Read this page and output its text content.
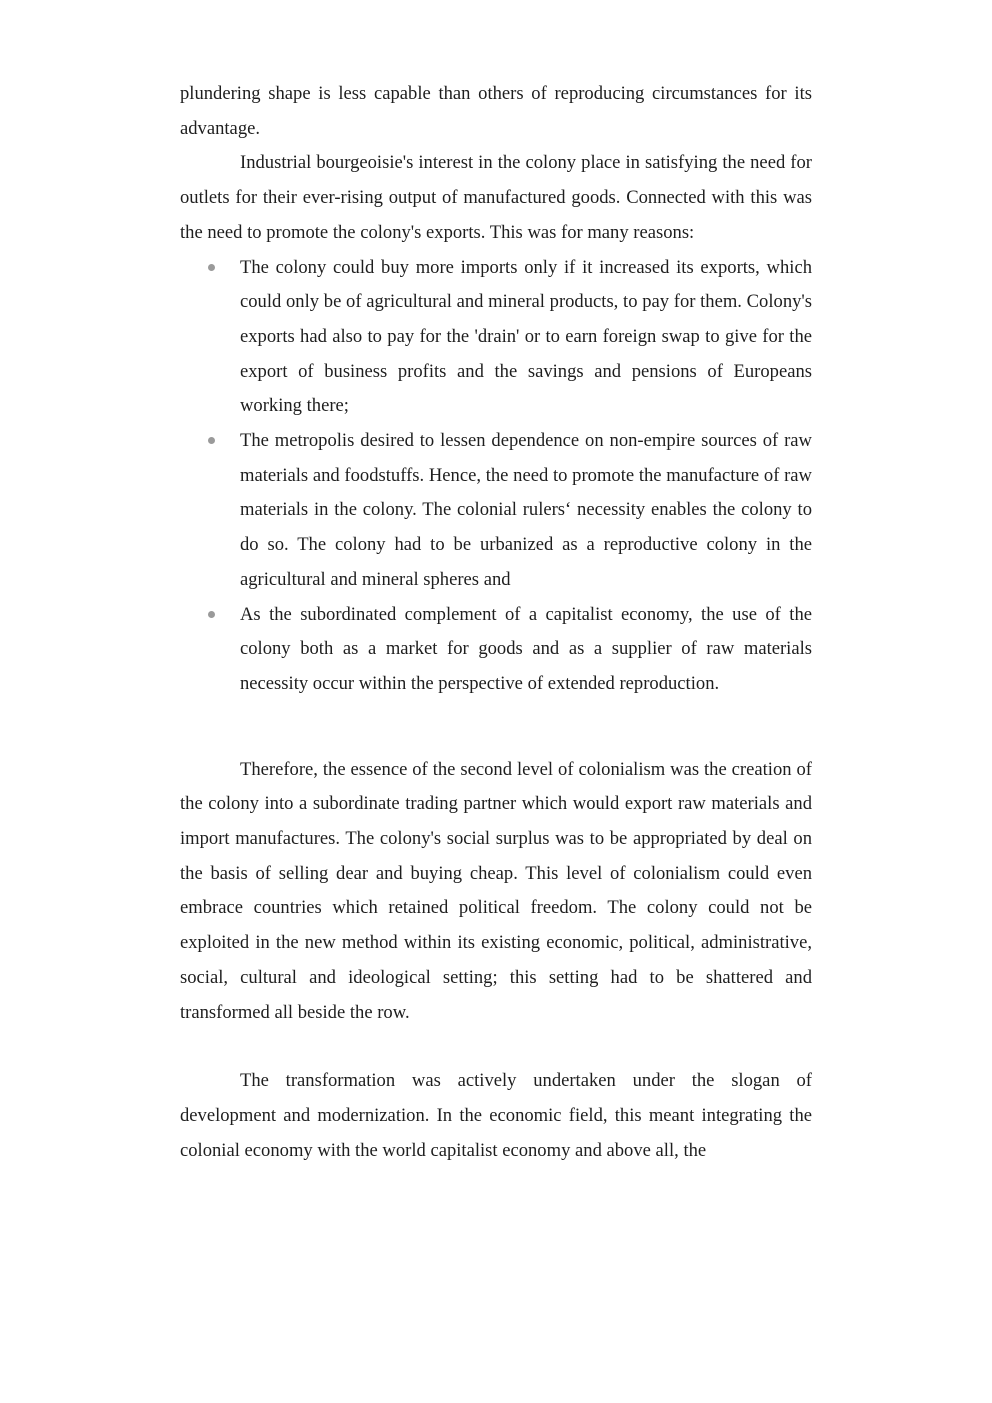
plundering shape is less capable than others of reproducing circumstances for its advantage.

Industrial bourgeoisie's interest in the colony place in satisfying the need for outlets for their ever-rising output of manufactured goods. Connected with this was the need to promote the colony's exports. This was for many reasons:

The colony could buy more imports only if it increased its exports, which could only be of agricultural and mineral products, to pay for them. Colony's exports had also to pay for the 'drain' or to earn foreign swap to give for the export of business profits and the savings and pensions of Europeans working there;
The metropolis desired to lessen dependence on non-empire sources of raw materials and foodstuffs. Hence, the need to promote the manufacture of raw materials in the colony. The colonial rulers‘ necessity enables the colony to do so. The colony had to be urbanized as a reproductive colony in the agricultural and mineral spheres and
As the subordinated complement of a capitalist economy, the use of the colony both as a market for goods and as a supplier of raw materials necessity occur within the perspective of extended reproduction.

Therefore, the essence of the second level of colonialism was the creation of the colony into a subordinate trading partner which would export raw materials and import manufactures. The colony's social surplus was to be appropriated by deal on the basis of selling dear and buying cheap. This level of colonialism could even embrace countries which retained political freedom. The colony could not be exploited in the new method within its existing economic, political, administrative, social, cultural and ideological setting; this setting had to be shattered and transformed all beside the row.

The transformation was actively undertaken under the slogan of development and modernization. In the economic field, this meant integrating the colonial economy with the world capitalist economy and above all, the
